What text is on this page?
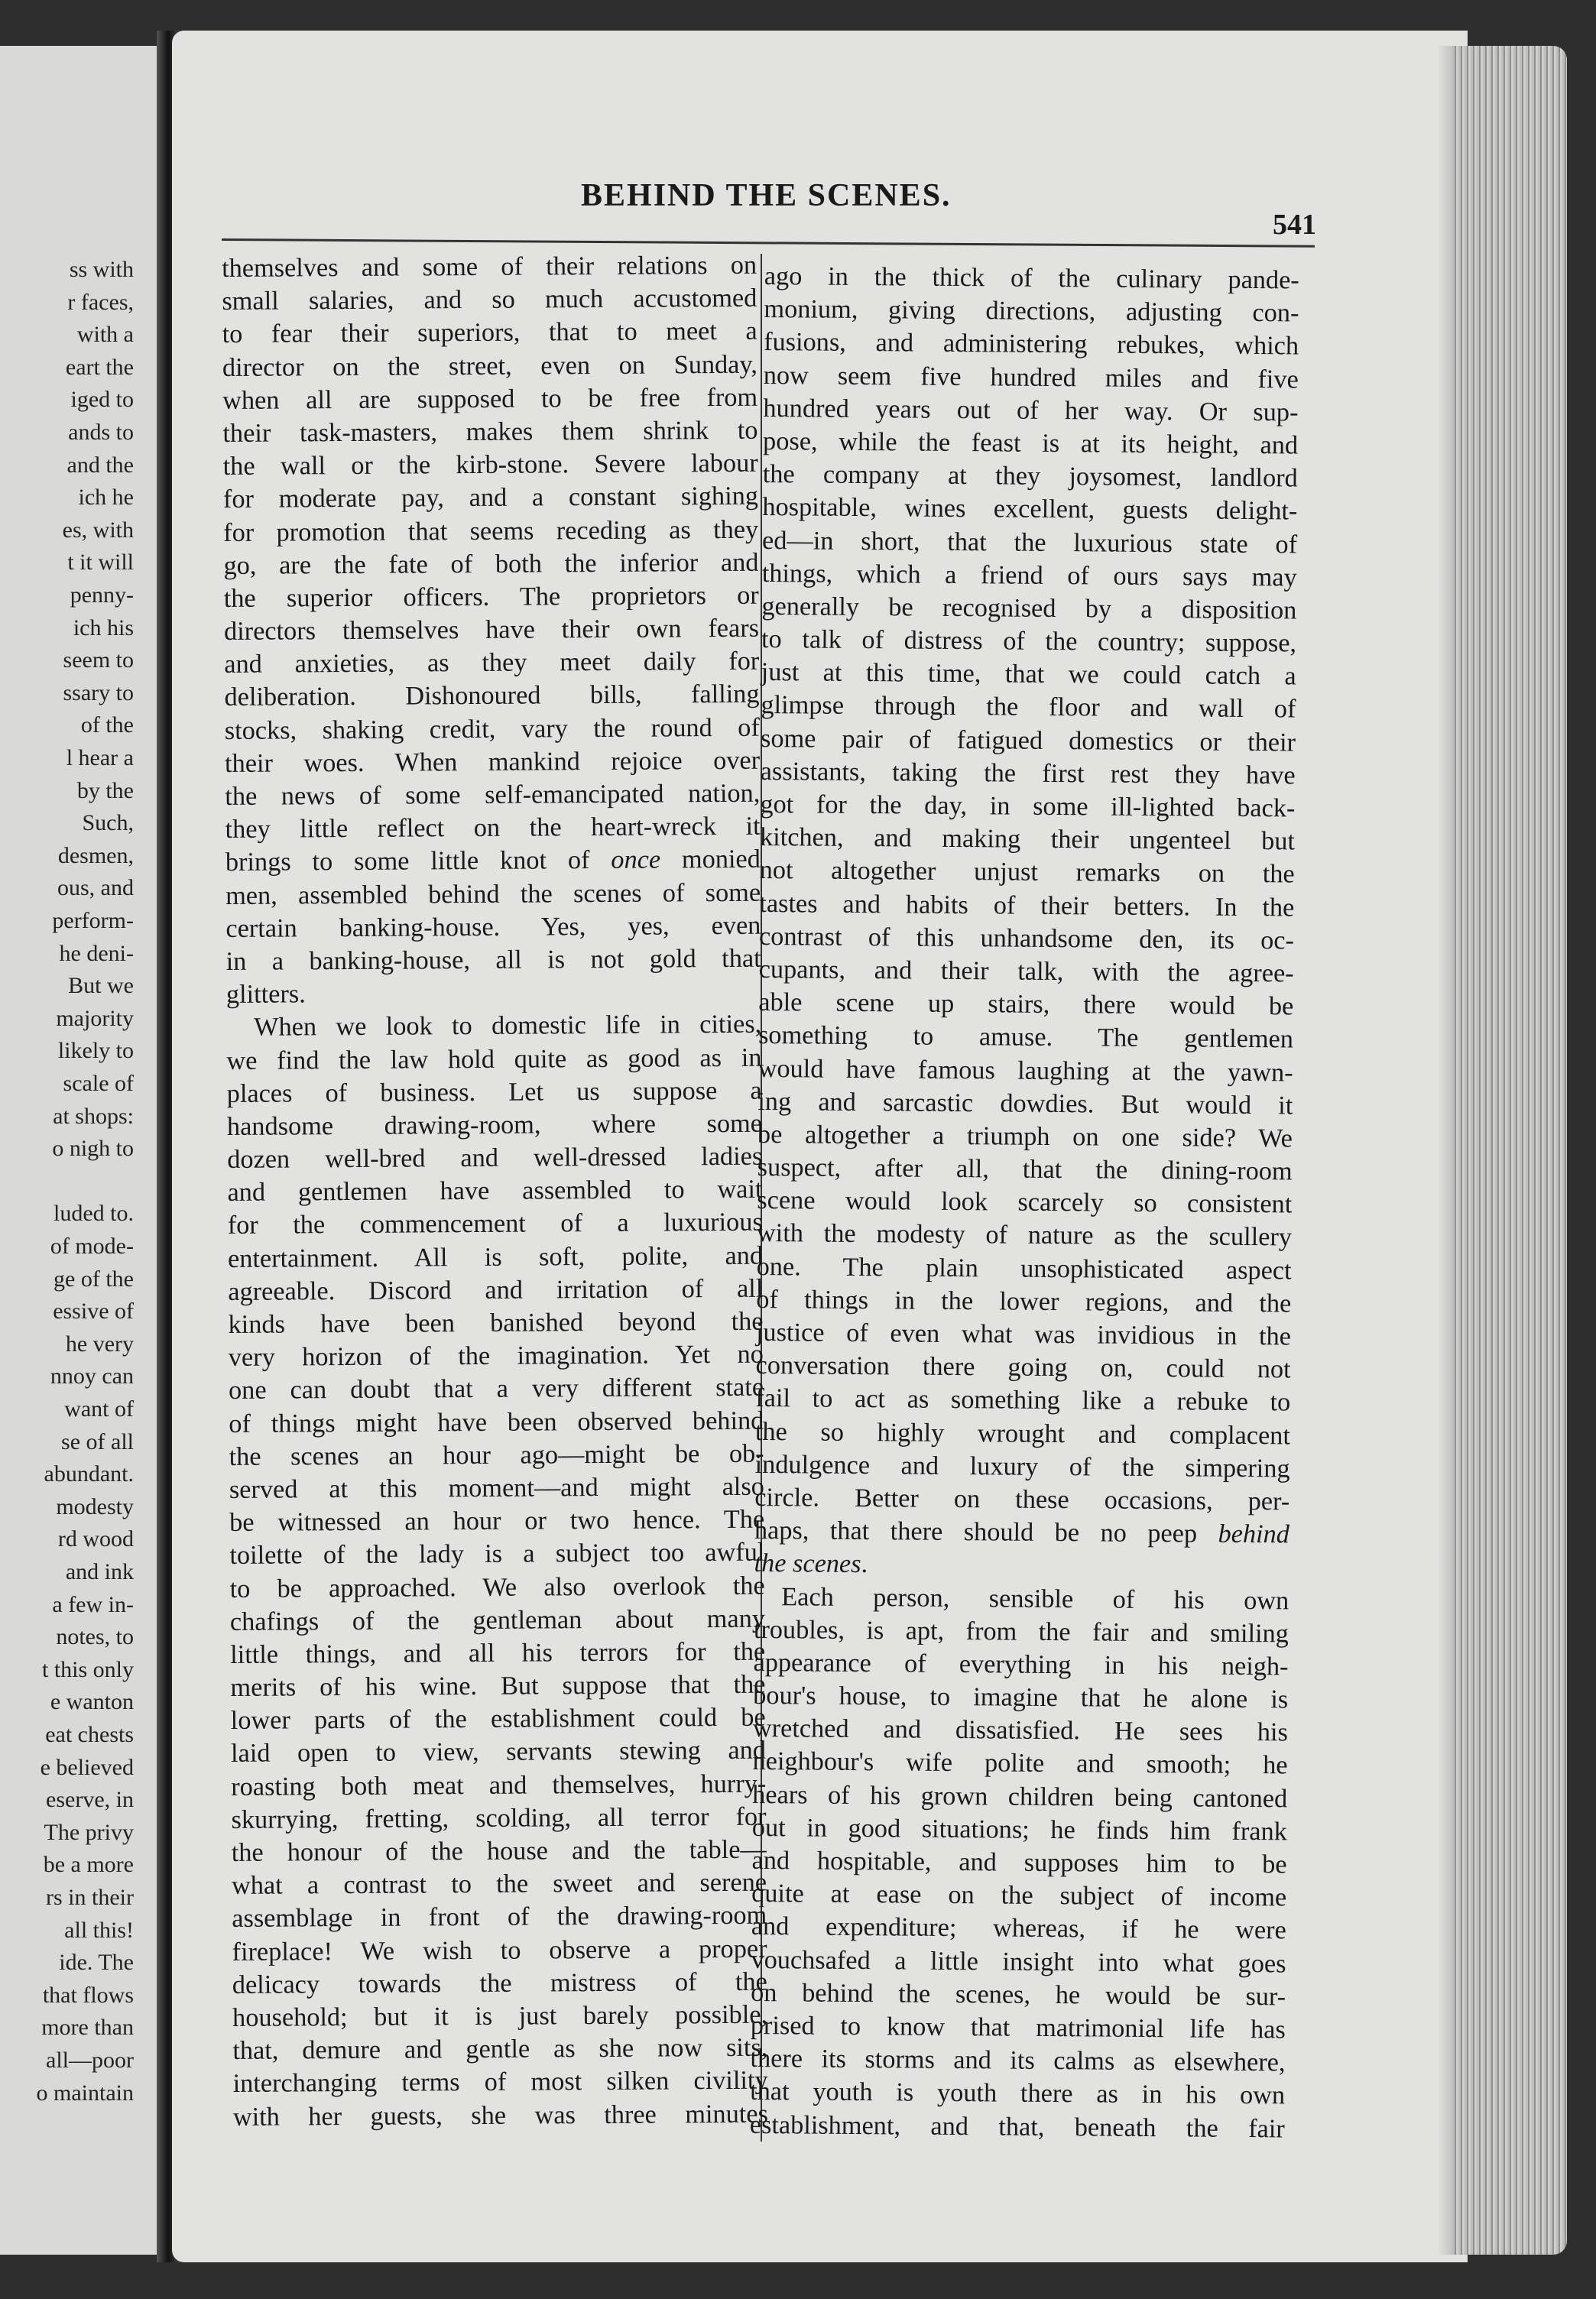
ss with
r faces,
with a
eart the
iged to
ands to
and the
ich he
es, with
t it will
penny-
ich his
seem to
ssary to
of the
l hear a
by the
Such,
desmen,
ous, and
perform-
he deni-
But we
majority
likely to
scale of
at shops:
o nigh to
luded to.
of mode-
ge of the
essive of
he very
nnoy can
want of
se of all
abundant.
modesty
rd wood
and ink
a few in-
notes, to
t this only
e wanton
eat chests
e believed
eserve, in
The privy
be a more
rs in their
all this!
ide. The
that flows
more than
all—poor
o maintain
BEHIND THE SCENES.
541
themselves and some of their relations on
small salaries, and so much accustomed
to fear their superiors, that to meet a
director on the street, even on Sunday,
when all are supposed to be free from
their task-masters, makes them shrink to
the wall or the kirb-stone. Severe labour
for moderate pay, and a constant sighing
for promotion that seems receding as they
go, are the fate of both the inferior and
the superior officers. The proprietors or
directors themselves have their own fears
and anxieties, as they meet daily for
deliberation. Dishonoured bills, falling
stocks, shaking credit, vary the round of
their woes. When mankind rejoice over
the news of some self-emancipated nation,
they little reflect on the heart-wreck it
brings to some little knot of once monied
men, assembled behind the scenes of some
certain banking-house. Yes, yes, even
in a banking-house, all is not gold that
glitters.
When we look to domestic life in cities,
we find the law hold quite as good as in
places of business. Let us suppose a
handsome drawing-room, where some
dozen well-bred and well-dressed ladies
and gentlemen have assembled to wait
for the commencement of a luxurious
entertainment. All is soft, polite, and
agreeable. Discord and irritation of all
kinds have been banished beyond the
very horizon of the imagination. Yet no
one can doubt that a very different state
of things might have been observed behind
the scenes an hour ago—might be ob-
served at this moment—and might also
be witnessed an hour or two hence. The
toilette of the lady is a subject too awful
to be approached. We also overlook the
chafings of the gentleman about many
little things, and all his terrors for the
merits of his wine. But suppose that the
lower parts of the establishment could be
laid open to view, servants stewing and
roasting both meat and themselves, hurry-
skurrying, fretting, scolding, all terror for
the honour of the house and the table—
what a contrast to the sweet and serene
assemblage in front of the drawing-room
fireplace! We wish to observe a proper
delicacy towards the mistress of the
household; but it is just barely possible,
that, demure and gentle as she now sits,
interchanging terms of most silken civility
with her guests, she was three minutes
ago in the thick of the culinary pande-
monium, giving directions, adjusting con-
fusions, and administering rebukes, which
now seem five hundred miles and five
hundred years out of her way. Or sup-
pose, while the feast is at its height, and
the company at they joysomest, landlord
hospitable, wines excellent, guests delight-
ed—in short, that the luxurious state of
things, which a friend of ours says may
generally be recognised by a disposition
to talk of distress of the country; suppose,
just at this time, that we could catch a
glimpse through the floor and wall of
some pair of fatigued domestics or their
assistants, taking the first rest they have
got for the day, in some ill-lighted back-
kitchen, and making their ungenteel but
not altogether unjust remarks on the
tastes and habits of their betters. In the
contrast of this unhandsome den, its oc-
cupants, and their talk, with the agree-
able scene up stairs, there would be
something to amuse. The gentlemen
would have famous laughing at the yawn-
ing and sarcastic dowdies. But would it
be altogether a triumph on one side? We
suspect, after all, that the dining-room
scene would look scarcely so consistent
with the modesty of nature as the scullery
one. The plain unsophisticated aspect
of things in the lower regions, and the
justice of even what was invidious in the
conversation there going on, could not
fail to act as something like a rebuke to
the so highly wrought and complacent
indulgence and luxury of the simpering
circle. Better on these occasions, per-
haps, that there should be no peep behind
the scenes.
Each person, sensible of his own
troubles, is apt, from the fair and smiling
appearance of everything in his neigh-
bour's house, to imagine that he alone is
wretched and dissatisfied. He sees his
neighbour's wife polite and smooth; he
hears of his grown children being cantoned
out in good situations; he finds him frank
and hospitable, and supposes him to be
quite at ease on the subject of income
and expenditure; whereas, if he were
vouchsafed a little insight into what goes
on behind the scenes, he would be sur-
prised to know that matrimonial life has
there its storms and its calms as elsewhere,
that youth is youth there as in his own
establishment, and that, beneath the fair
